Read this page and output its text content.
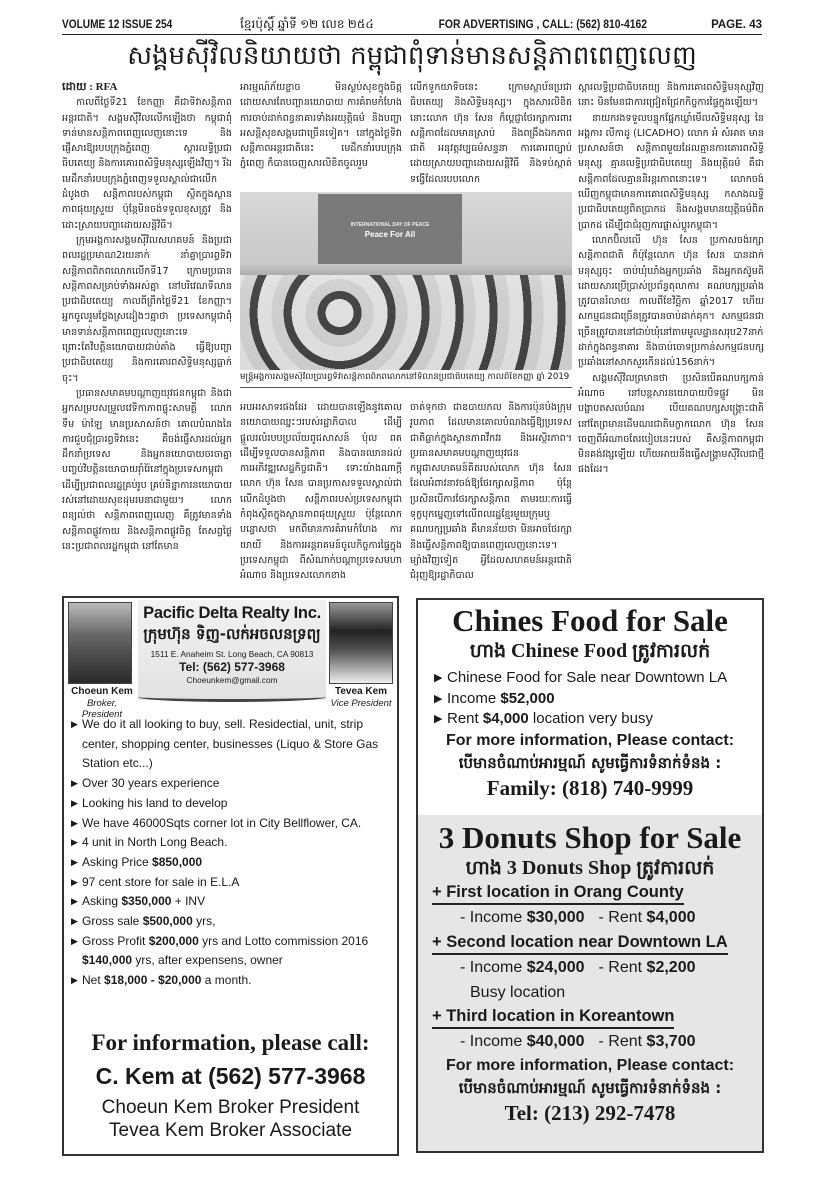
VOLUME 12 ISSUE 254	ខ្មែរប៉ុស្ដិ៍ ឆ្នាំទី ១២ លេខ ២៥៤	FOR ADVERTISING , CALL: (562) 810-4162	PAGE. 43
សង្គមស៊ីវិលនិយាយថា កម្ពុជាពុំទាន់មានសន្តិភាពពេញលេញ

ដោយ : RFA

កាលពីថ្ងៃទី21 ខែកញ្ញា គឺជាទិវាសន្តិភាពអន្តរជាតិ។ សង្គមស៊ីវិលលើកឡើងថា កម្ពុជាពុំទាន់មានសន្តិភាពពេញលេញនោះទេ និងផ្ញើសារឱ្យរបបក្រុងភ្នំពេញ ស្ដារលទ្ធិប្រជាធិបតេយ្យ និងការគោរពសិទ្ធិមនុស្សឡើងវិញ។ រីឯមេដឹកនាំរបបក្រុងភ្នំពេញទទួលស្គាល់ជាលើកដំបូងថា សន្តិភាពរបស់កម្ពុជា ស្ថិតក្នុងស្ថានភាពផុយស្រួយ ប៉ុន្តែមិនចង់ទទួលខុសត្រូវ និងដោះស្រាយបញ្ហាដោយសន្តិវិធី។

ក្រុមអង្គការសង្គមស៊ីវិលសហគមន៍ និងប្រជាពលរដ្ឋប្រមាណ2រយនាក់ នាំគ្នាប្រារព្ធទិវាសន្តិភាពពិភពលោកលើកទី17 ក្រោមប្រធានសន្តិភាពសម្រាប់ទាំងអស់គ្នា នៅបរិវេណទីលានប្រជាធិបតេយ្យ កាលពីព្រឹកថ្ងៃទី21 ខែកញ្ញា។ អ្នកចូលរួមថ្លែងស្រដៀងៗគ្នាថា ប្រទេសកម្ពុជាពុំមានទាន់សន្តិភាពពេញលេញនោះទេ ព្រោះតែវិបត្តិនយោបាយជាប់គាំង ធ្វើឱ្យបញ្ហាប្រជាធិបតេយ្យ និងការគោរពសិទ្ធិមនុស្សធ្លាក់ចុះ។

ប្រធានសមាគមបណ្ដាញយុវជនកម្ពុជា និងជាអ្នកសម្របសម្រួលវេទិកាភាពផ្ទុះសាមគ្គី លោក ទឹម ម៉ាឡៃ មានប្រសាសន៍ថា គោលបំណងនៃការជួបជុំប្រារព្ធទិវានេះ គឺចង់ផ្ញើសារដល់អ្នកដឹកនាំប្រទេស និងអ្នកនយោបាយចរចាគ្នាបញ្ចប់វិបត្តិនយោបាយរ៉ាំរ៉ៃនៅក្នុងប្រទេសកម្ពុជា ដើម្បីប្រជាពលរដ្ឋគ្រប់រូប គ្រប់និន្នាការនយោបាយរស់នៅដោយសុខដុមរមនាជាមួយ។ លោកពន្យល់ថា សន្តិភាពពេញលេញ គឺត្រូវមានទាំងសន្តិភាពផ្លូវកាយ និងសន្តិភាពផ្លូវចិត្ត តែសព្វថ្ងៃនេះប្រជាពលរដ្ឋកម្ពុជា នៅតែមាន

អារម្មណ៍ភ័យខ្លាច មិនស្ងប់សុខក្នុងចិត្ត ដោយសារតែបញ្ហានយោបាយ ការគំរាមកំហែង ការចាប់ដាក់ពន្ធនាគារទាំងអយុត្តិធម៌ និងបញ្ហាអសន្តិសុខសង្គមជាច្រើនទៀត។ នៅក្នុងថ្ងៃទិវាសន្តិភាពអន្តរជាតិនេះ មេដឹកនាំរបបក្រុងភ្នំពេញ ក៏បានចេញសារលិខិតចូលរួម

លើកទូកយាទិចនេះ ក្រោមស្ថាប័នប្រជាធិបតេយ្យ និងសិទ្ធិមនុស្ស។ ក្នុងសារលិខិតនោះលោក ហ៊ុន សែន ក៏ប្ដេជ្ញាថែរក្សាការពារសន្តិភាពដែលមានស្រាប់ និងពង្រឹងឯកភាពជាតិ អនុវត្តវប្បធម៌សន្ទនា ការគោរពច្បាប់ ដោយស្រាយបញ្ហាដោយសន្តិវិធី និងទប់ស្កាត់ទង្វើដែលរបបលោក

INTERNATIONAL DAY OF PEACE
Peace For All
មន្ត្រីអង្គការសង្គមស៊ីវិលប្រារព្ធទិវាសន្តិភាពពិភពលោកនៅទីលានប្រជាធិបតេយ្យ កាលពីខែកញ្ញា ឆ្នាំ 2019

អបអរសាទរផងដែរ ដោយបានឡើងនូវគោលនយោបាយឈ្នះៗរបស់រដ្ឋាភិបាល ដើម្បីផ្ដួលរលំរបបប្រល័យពូជសាសន៍ ប៉ុល ពត ដើម្បីទទួលបានសន្តិភាព និងបានឈានដល់ការអភិវឌ្ឍសេដ្ឋកិច្ចជាតិ។ ទោះយ៉ាងណាក្ដីលោក ហ៊ុន សែន បានប្រកាសទទួលស្គាល់ជាលើកដំបូងថា សន្តិភាពរបស់ប្រទេសកម្ពុជាកំពុងស្ថិតក្នុងស្ថានភាពផុយស្រួយ ប៉ុន្តែលោកបន្ទោសថា មកពីមានការគំរាមកំហែង ការយាយី និងការអន្តរាគមន៍ចូលកិច្ចការផ្ទៃក្នុងប្រទេសកម្ពុជា ពីសំណាក់បណ្ដាប្រទេសមហាអំណាច និងប្រទេសលោកខាង

ចាត់ទុកថា ជាឧបាយកល និងការប៉ុនប៉ងក្រុមរូបភាព ដែលមានគោលបំណងធ្វើឱ្យប្រទេសជាតិធ្លាក់ក្នុងស្ថានភាពវឹកវរ និងអស្ថិរភាព។ ប្រធានសមាគមបណ្ដាញយុវជនកម្ពុជាសហគមន៍គិតរបស់លោក ហ៊ុន សែន ដែលអំពាវនាវចង់ឱ្យថែរក្សាសន្តិភាព ប៉ុន្តែប្រសិនបើការថែរក្សាសន្តិភាព តាមរយៈការធ្វើទុក្ខបុកម្នេញទៅលើពលរដ្ឋខ្មែរមួយក្រុមឬ គណបក្សប្រឆាំង គឺមានន័យថា មិនអាចថែរក្សា និងធ្វើសន្តិភាពឱ្យបានពេញលេញនោះទេ។ ម្យ៉ាងវិញទៀត អ្វីដែលសហគមន៍អន្តរជាតិ ជំរុញឱ្យរដ្ឋាភិបាល

ស្ដារលទ្ធិប្រជាធិបតេយ្យ និងការគោរពសិទ្ធិមនុស្សវិញនោះ មិនមែនជាការជ្រៀតជ្រែកកិច្ចការផ្ទៃក្នុងឡើយ។

នាយករងទទួលបន្ទុកផ្នែកឃ្លាំមើលសិទ្ធិមនុស្ស នៃអង្គការ លីកាដូ (LICADHO) លោក អំ សំអាត មានប្រសាសន៍ថា សន្តិភាពមួយដែលគ្មានការគោរពសិទ្ធិមនុស្ស គ្មានលទ្ធិប្រជាធិបតេយ្យ និងយុត្តិធម៌ គឺជាសន្តិភាពដែលគ្មាននិរន្តរភាពនោះទេ។ លោកចង់ឃើញកម្ពុជាមានការគោរពសិទ្ធិមនុស្ស កសាងលទ្ធិប្រជាធិបតេយ្យពិតប្រាកដ និងសង្គមមានយុត្តិធម៌ពិតប្រាកដ ដើម្បីជាជំរុញការផ្លាស់ប្ដូរកម្ពុជា។

លោកប៊ិលលើ ហ៊ុន សែន ប្រកាសចង់រក្សាសន្តិភាពជាតិ ក៏ប៉ុន្តែលោក ហ៊ុន សែន បានដាក់មនុស្សចុះ ចាប់ឃុំឃាំងអ្នកប្រឆាំង និងអ្នកតស៊ូមតិ ដោយសារប្រើប្រាស់ប្រព័ន្ធតុលាការ គណបក្សប្រឆាំងត្រូវបានរំលាយ កាលពីខែវិច្ឆិកា ឆ្នាំ2017 ហើយសកម្មជនជាច្រើនត្រូវបានចាប់ដាក់គុក។ សកម្មជនជាច្រើនត្រូវបាននៅជាប់ឃុំនៅតាមមូលដ្ឋានសរុប27នាក់ ដាក់ក្នុងពន្ធនាគារ និងចាប់ចោទប្រកាន់សកម្មជនបក្សប្រឆាំងនៅសាកសួរកើនដល់156នាក់។

សង្គមស៊ីវិលព្រមានថា ប្រសិនបើគណបក្សកាន់អំណាច នៅបន្តសារនយោបាយបិទផ្លូវ មិនបង្ហាបតសលបំណរ បើយគណបក្សសង្គ្រោះជាតិ នៅតែព្រមានដើមណរជាតិមក្ខាកលោក ហ៊ុន សែន ចេញពីអំណាចតែរបៀបនេះរបស់ គឺសន្តិភាពកម្ពុជាមិនគង់វង្សឡើយ ហើយអាយនឹងធ្វើសង្គ្រាមស៊ីវិលជាថ្មីផងដែរ។

Choeun Kem
Broker, President
Pacific Delta Realty Inc.
ក្រុមហ៊ុន ទិញ-លក់អចលនទ្រព្យ
1511 E. Anaheim St. Long Beach, CA 90813
Tel: (562) 577-3968
Choeunkem@gmail.com
Tevea Kem
Vice President
▶ We do it all looking to buy, sell. Residectial, unit, strip center, shopping center, businesses (Liquo & Store Gas Station etc...)
▶ Over 30 years experience
▶ Looking his land to develop
▶ We have 46000Sqts corner lot in City Bellflower, CA.
▶ 4 unit in North Long Beach.
▶ Asking Price $850,000
▶ 97 cent store for sale in E.L.A
▶ Asking $350,000 + INV
▶ Gross sale $500,000 yrs,
▶ Gross Profit $200,000 yrs and Lotto commission 2016 $140,000 yrs, after expensens, owner
▶ Net $18,000 - $20,000 a month.
For information, please call:
C. Kem at (562) 577-3968
Choeun Kem Broker President
Tevea Kem Broker Associate
Chines Food for Sale
ហាង Chinese Food ត្រូវការលក់
▶ Chinese Food for Sale near Downtown LA
▶ Income $52,000
▶ Rent $4,000 location very busy
For more information, Please contact:
បើមានចំណាប់អារម្មណ៍ សូមធ្វើការទំនាក់ទំនង :
Family: (818) 740-9999
3 Donuts Shop for Sale
ហាង 3 Donuts Shop ត្រូវការលក់
+ First location in Orang County
- Income $30,000 - Rent $4,000
+ Second location near Downtown LA
- Income $24,000 - Rent $2,200
Busy location
+ Third location in Koreantown
- Income $40,000 - Rent $3,700
For more information, Please contact:
បើមានចំណាប់អារម្មណ៍ សូមធ្វើការទំនាក់ទំនង :
Tel: (213) 292-7478
